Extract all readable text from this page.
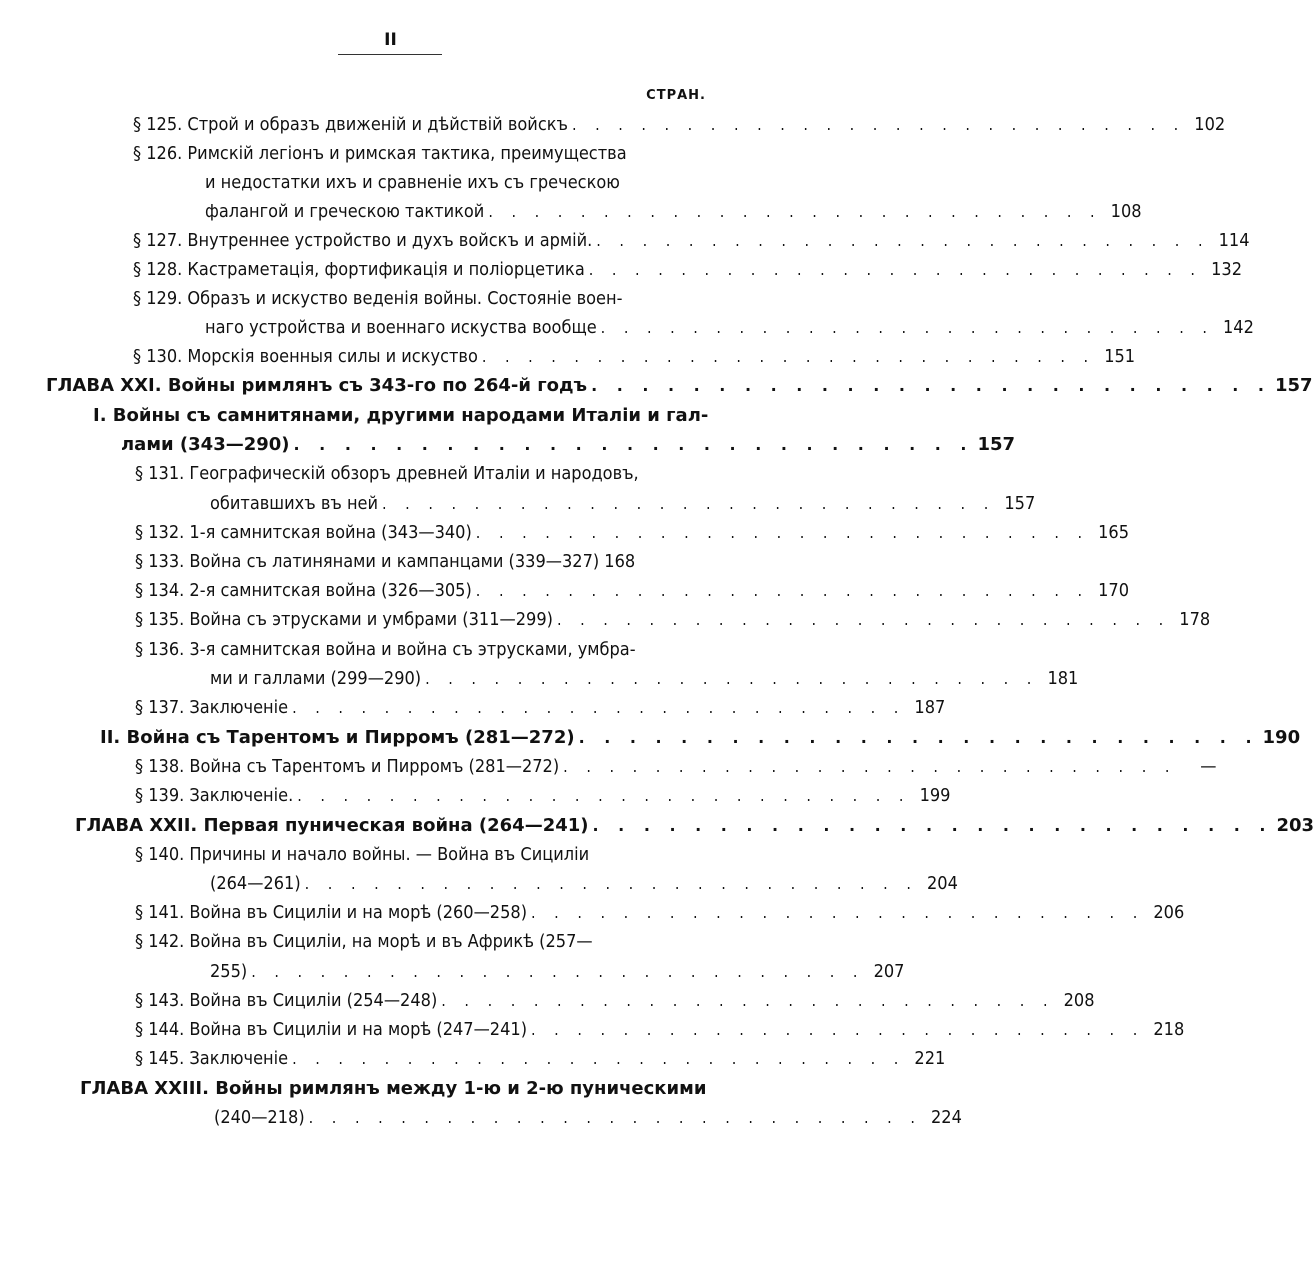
II
СТРАН.
§ 125. Строй и образъ движеній и дѣйствій войскъ . . . . . . . . . . . . . . . . . . . . . . . . . . . 102
§ 126. Римскій легіонъ и римская тактика, преимущества
и недостатки ихъ и сравненіе ихъ съ греческою
фалангой и греческою тактикой . . . . . . . . . . . . . . . . . . . . . . . . . . . 108
§ 127. Внутреннее устройство и духъ войскъ и армій. . . . . . . . . . . . . . . . . . . . . . . . . . . . 114
§ 128. Кастраметація, фортификація и поліорцетика . . . . . . . . . . . . . . . . . . . . . . . . . . . 132
§ 129. Образъ и искуство веденія войны. Состояніе воен-
наго устройства и военнаго искуства вообще . . . . . . . . . . . . . . . . . . . . . . . . . . . 142
§ 130. Морскія военныя силы и искуство . . . . . . . . . . . . . . . . . . . . . . . . . . . 151
ГЛАВА XXI. Войны римлянъ съ 343-го по 264-й годъ . . . . . . . . . . . . . . . . . . . . . . . . . . . 157
I. Войны съ самнитянами, другими народами Италіи и гал-
лами (343—290) . . . . . . . . . . . . . . . . . . . . . . . . . . . 157
§ 131. Географическій обзоръ древней Италіи и народовъ,
обитавшихъ въ ней . . . . . . . . . . . . . . . . . . . . . . . . . . . 157
§ 132. 1-я самнитская война (343—340) . . . . . . . . . . . . . . . . . . . . . . . . . . . 165
§ 133. Война съ латинянами и кампанцами (339—327) 168
§ 134. 2-я самнитская война (326—305) . . . . . . . . . . . . . . . . . . . . . . . . . . . 170
§ 135. Война съ этрусками и умбрами (311—299) . . . . . . . . . . . . . . . . . . . . . . . . . . . 178
§ 136. 3-я самнитская война и война съ этрусками, умбра-
ми и галлами (299—290) . . . . . . . . . . . . . . . . . . . . . . . . . . . 181
§ 137. Заключеніе . . . . . . . . . . . . . . . . . . . . . . . . . . . 187
II. Война съ Тарентомъ и Пирромъ (281—272) . . . . . . . . . . . . . . . . . . . . . . . . . . . 190
§ 138. Война съ Тарентомъ и Пирромъ (281—272) . . . . . . . . . . . . . . . . . . . . . . . . . . .	—
§ 139. Заключеніе. . . . . . . . . . . . . . . . . . . . . . . . . . . . 199
ГЛАВА XXII. Первая пуническая война (264—241) . . . . . . . . . . . . . . . . . . . . . . . . . . . 203
§ 140. Причины и начало войны. — Война въ Сициліи
(264—261) . . . . . . . . . . . . . . . . . . . . . . . . . . . 204
§ 141. Война въ Сициліи и на морѣ (260—258) . . . . . . . . . . . . . . . . . . . . . . . . . . . 206
§ 142. Война въ Сициліи, на морѣ и въ Африкѣ (257—
255) . . . . . . . . . . . . . . . . . . . . . . . . . . . 207
§ 143. Война въ Сициліи (254—248) . . . . . . . . . . . . . . . . . . . . . . . . . . . 208
§ 144. Война въ Сициліи и на морѣ (247—241) . . . . . . . . . . . . . . . . . . . . . . . . . . . 218
§ 145. Заключеніе . . . . . . . . . . . . . . . . . . . . . . . . . . . 221
ГЛАВА XXIII. Войны римлянъ между 1-ю и 2-ю пуническими
(240—218) . . . . . . . . . . . . . . . . . . . . . . . . . . . 224
